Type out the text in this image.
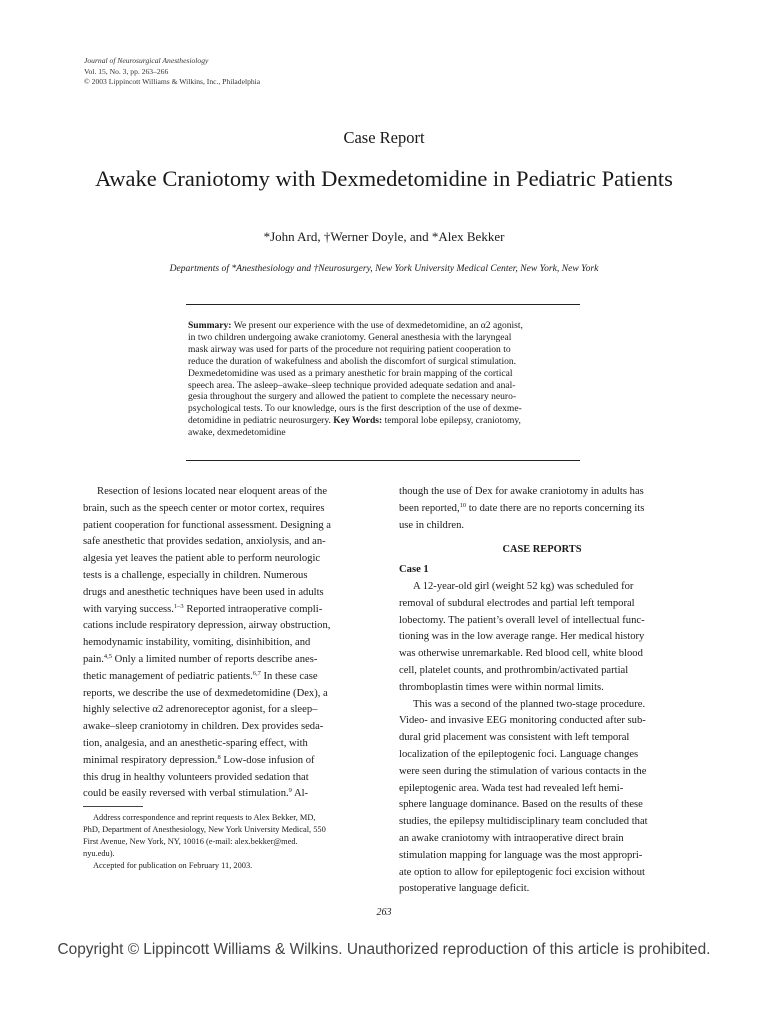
Journal of Neurosurgical Anesthesiology
Vol. 15, No. 3, pp. 263–266
© 2003 Lippincott Williams & Wilkins, Inc., Philadelphia
Case Report
Awake Craniotomy with Dexmedetomidine in Pediatric Patients
*John Ard, †Werner Doyle, and *Alex Bekker
Departments of *Anesthesiology and †Neurosurgery, New York University Medical Center, New York, New York

Summary: We present our experience with the use of dexmedetomidine, an α2 agonist,

in two children undergoing awake craniotomy. General anesthesia with the laryngeal

mask airway was used for parts of the procedure not requiring patient cooperation to

reduce the duration of wakefulness and abolish the discomfort of surgical stimulation.

Dexmedetomidine was used as a primary anesthetic for brain mapping of the cortical

speech area. The asleep–awake–sleep technique provided adequate sedation and anal-

gesia throughout the surgery and allowed the patient to complete the necessary neuro-

psychological tests. To our knowledge, ours is the first description of the use of dexme-

detomidine in pediatric neurosurgery. Key Words: temporal lobe epilepsy, craniotomy,

awake, dexmedetomidine

Resection of lesions located near eloquent areas of the

brain, such as the speech center or motor cortex, requires

patient cooperation for functional assessment. Designing a

safe anesthetic that provides sedation, anxiolysis, and an-

algesia yet leaves the patient able to perform neurologic

tests is a challenge, especially in children. Numerous

drugs and anesthetic techniques have been used in adults

with varying success.$^{1-3}$ Reported intraoperative compli-

cations include respiratory depression, airway obstruction,

hemodynamic instability, vomiting, disinhibition, and

pain.$^{4,5}$ Only a limited number of reports describe anes-

thetic management of pediatric patients.$^{6,7}$ In these case

reports, we describe the use of dexmedetomidine (Dex), a

highly selective α2 adrenoreceptor agonist, for a sleep–

awake–sleep craniotomy in children. Dex provides seda-

tion, analgesia, and an anesthetic-sparing effect, with

minimal respiratory depression.$^8$ Low-dose infusion of

this drug in healthy volunteers provided sedation that

could be easily reversed with verbal stimulation.$^9$ Al-

Address correspondence and reprint requests to Alex Bekker, MD,

PhD, Department of Anesthesiology, New York University Medical, 550

First Avenue, New York, NY, 10016 (e-mail: alex.bekker@med.

nyu.edu).

Accepted for publication on February 11, 2003.

though the use of Dex for awake craniotomy in adults has

been reported,$^{10}$ to date there are no reports concerning its

use in children.

CASE REPORTS

Case 1

A 12-year-old girl (weight 52 kg) was scheduled for

removal of subdural electrodes and partial left temporal

lobectomy. The patient’s overall level of intellectual func-

tioning was in the low average range. Her medical history

was otherwise unremarkable. Red blood cell, white blood

cell, platelet counts, and prothrombin/activated partial

thromboplastin times were within normal limits.

This was a second of the planned two-stage procedure.

Video- and invasive EEG monitoring conducted after sub-

dural grid placement was consistent with left temporal

localization of the epileptogenic foci. Language changes

were seen during the stimulation of various contacts in the

epileptogenic area. Wada test had revealed left hemi-

sphere language dominance. Based on the results of these

studies, the epilepsy multidisciplinary team concluded that

an awake craniotomy with intraoperative direct brain

stimulation mapping for language was the most appropri-

ate option to allow for epileptogenic foci excision without

postoperative language deficit.

263
Copyright © Lippincott Williams & Wilkins. Unauthorized reproduction of this article is prohibited.
